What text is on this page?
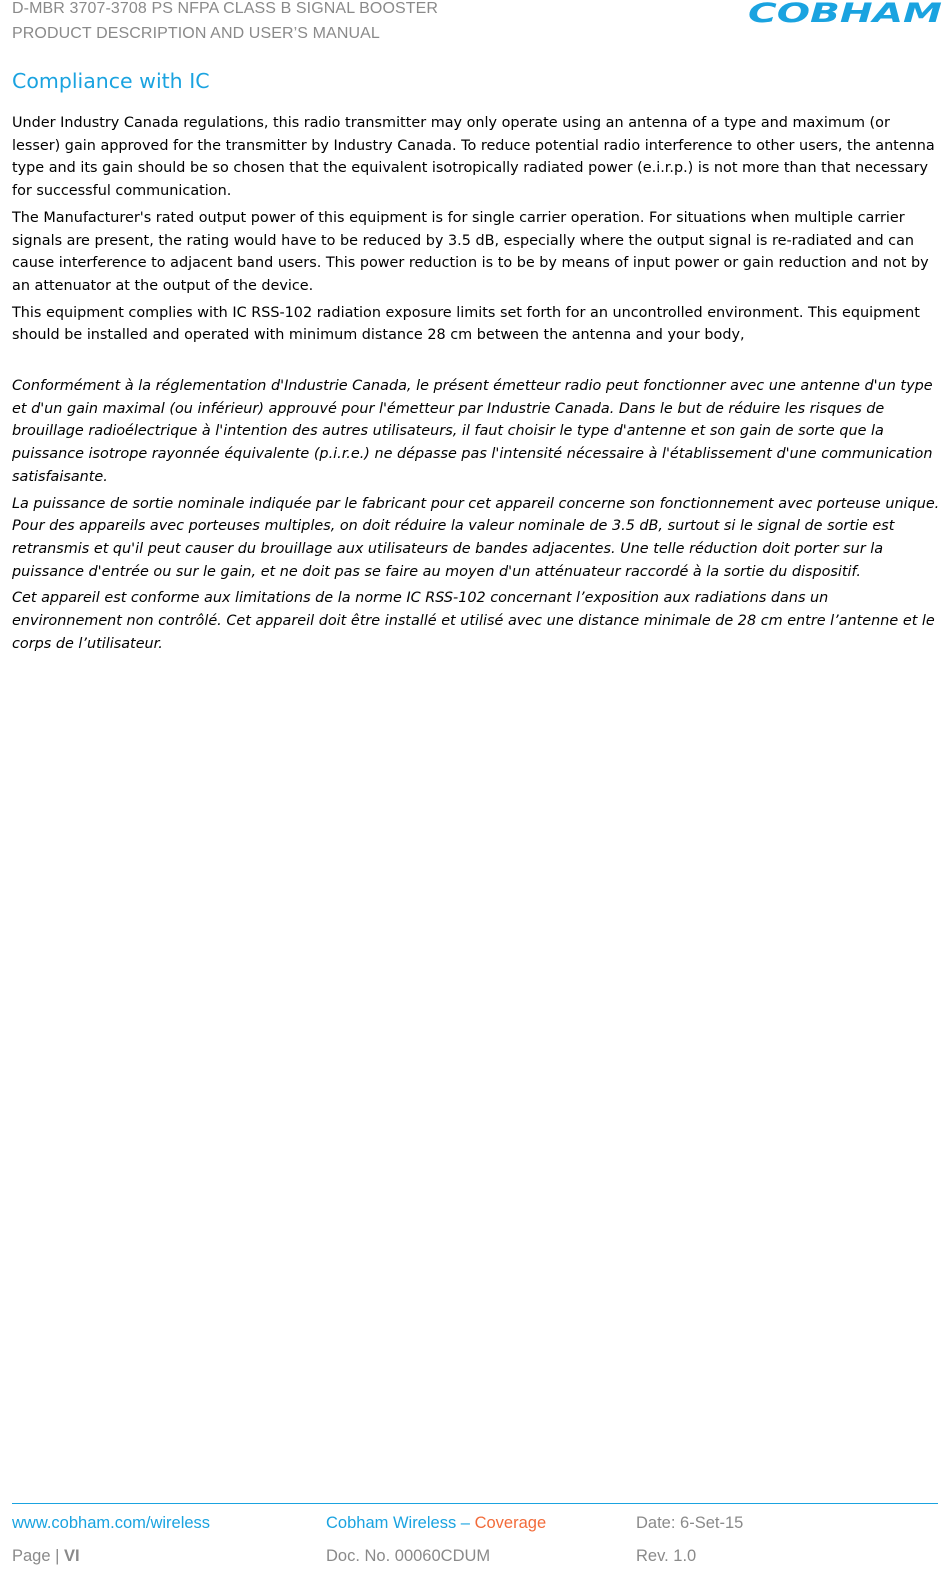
D-MBR 3707-3708 PS NFPA CLASS B SIGNAL BOOSTER
PRODUCT DESCRIPTION AND USER’S MANUAL
COBHAM
Compliance with IC

Under Industry Canada regulations, this radio transmitter may only operate using an antenna of a type and maximum (or lesser) gain approved for the transmitter by Industry Canada. To reduce potential radio interference to other users, the antenna type and its gain should be so chosen that the equivalent isotropically radiated power (e.i.r.p.) is not more than that necessary for successful communication.

The Manufacturer's rated output power of this equipment is for single carrier operation. For situations when multiple carrier signals are present, the rating would have to be reduced by 3.5 dB, especially where the output signal is re-radiated and can cause interference to adjacent band users. This power reduction is to be by means of input power or gain reduction and not by an attenuator at the output of the device.

This equipment complies with IC RSS-102 radiation exposure limits set forth for an uncontrolled environment. This equipment should be installed and operated with minimum distance 28 cm between the antenna and your body,

Conformément à la réglementation d'Industrie Canada, le présent émetteur radio peut fonctionner avec une antenne d'un type et d'un gain maximal (ou inférieur) approuvé pour l'émetteur par Industrie Canada. Dans le but de réduire les risques de brouillage radioélectrique à l'intention des autres utilisateurs, il faut choisir le type d'antenne et son gain de sorte que la puissance isotrope rayonnée équivalente (p.i.r.e.) ne dépasse pas l'intensité nécessaire à l'établissement d'une communication satisfaisante.

La puissance de sortie nominale indiquée par le fabricant pour cet appareil concerne son fonctionnement avec porteuse unique. Pour des appareils avec porteuses multiples, on doit réduire la valeur nominale de 3.5 dB, surtout si le signal de sortie est retransmis et qu'il peut causer du brouillage aux utilisateurs de bandes adjacentes. Une telle réduction doit porter sur la puissance d'entrée ou sur le gain, et ne doit pas se faire au moyen d'un atténuateur raccordé à la sortie du dispositif.

Cet appareil est conforme aux limitations de la norme IC RSS-102 concernant l’exposition aux radiations dans un environnement non contrôlé. Cet appareil doit être installé et utilisé avec une distance minimale de 28 cm entre l’antenne et le corps de l’utilisateur.

www.cobham.com/wireless	Cobham Wireless – Coverage	Date: 6-Set-15
Page | VI	Doc. No. 00060CDUM	Rev. 1.0
